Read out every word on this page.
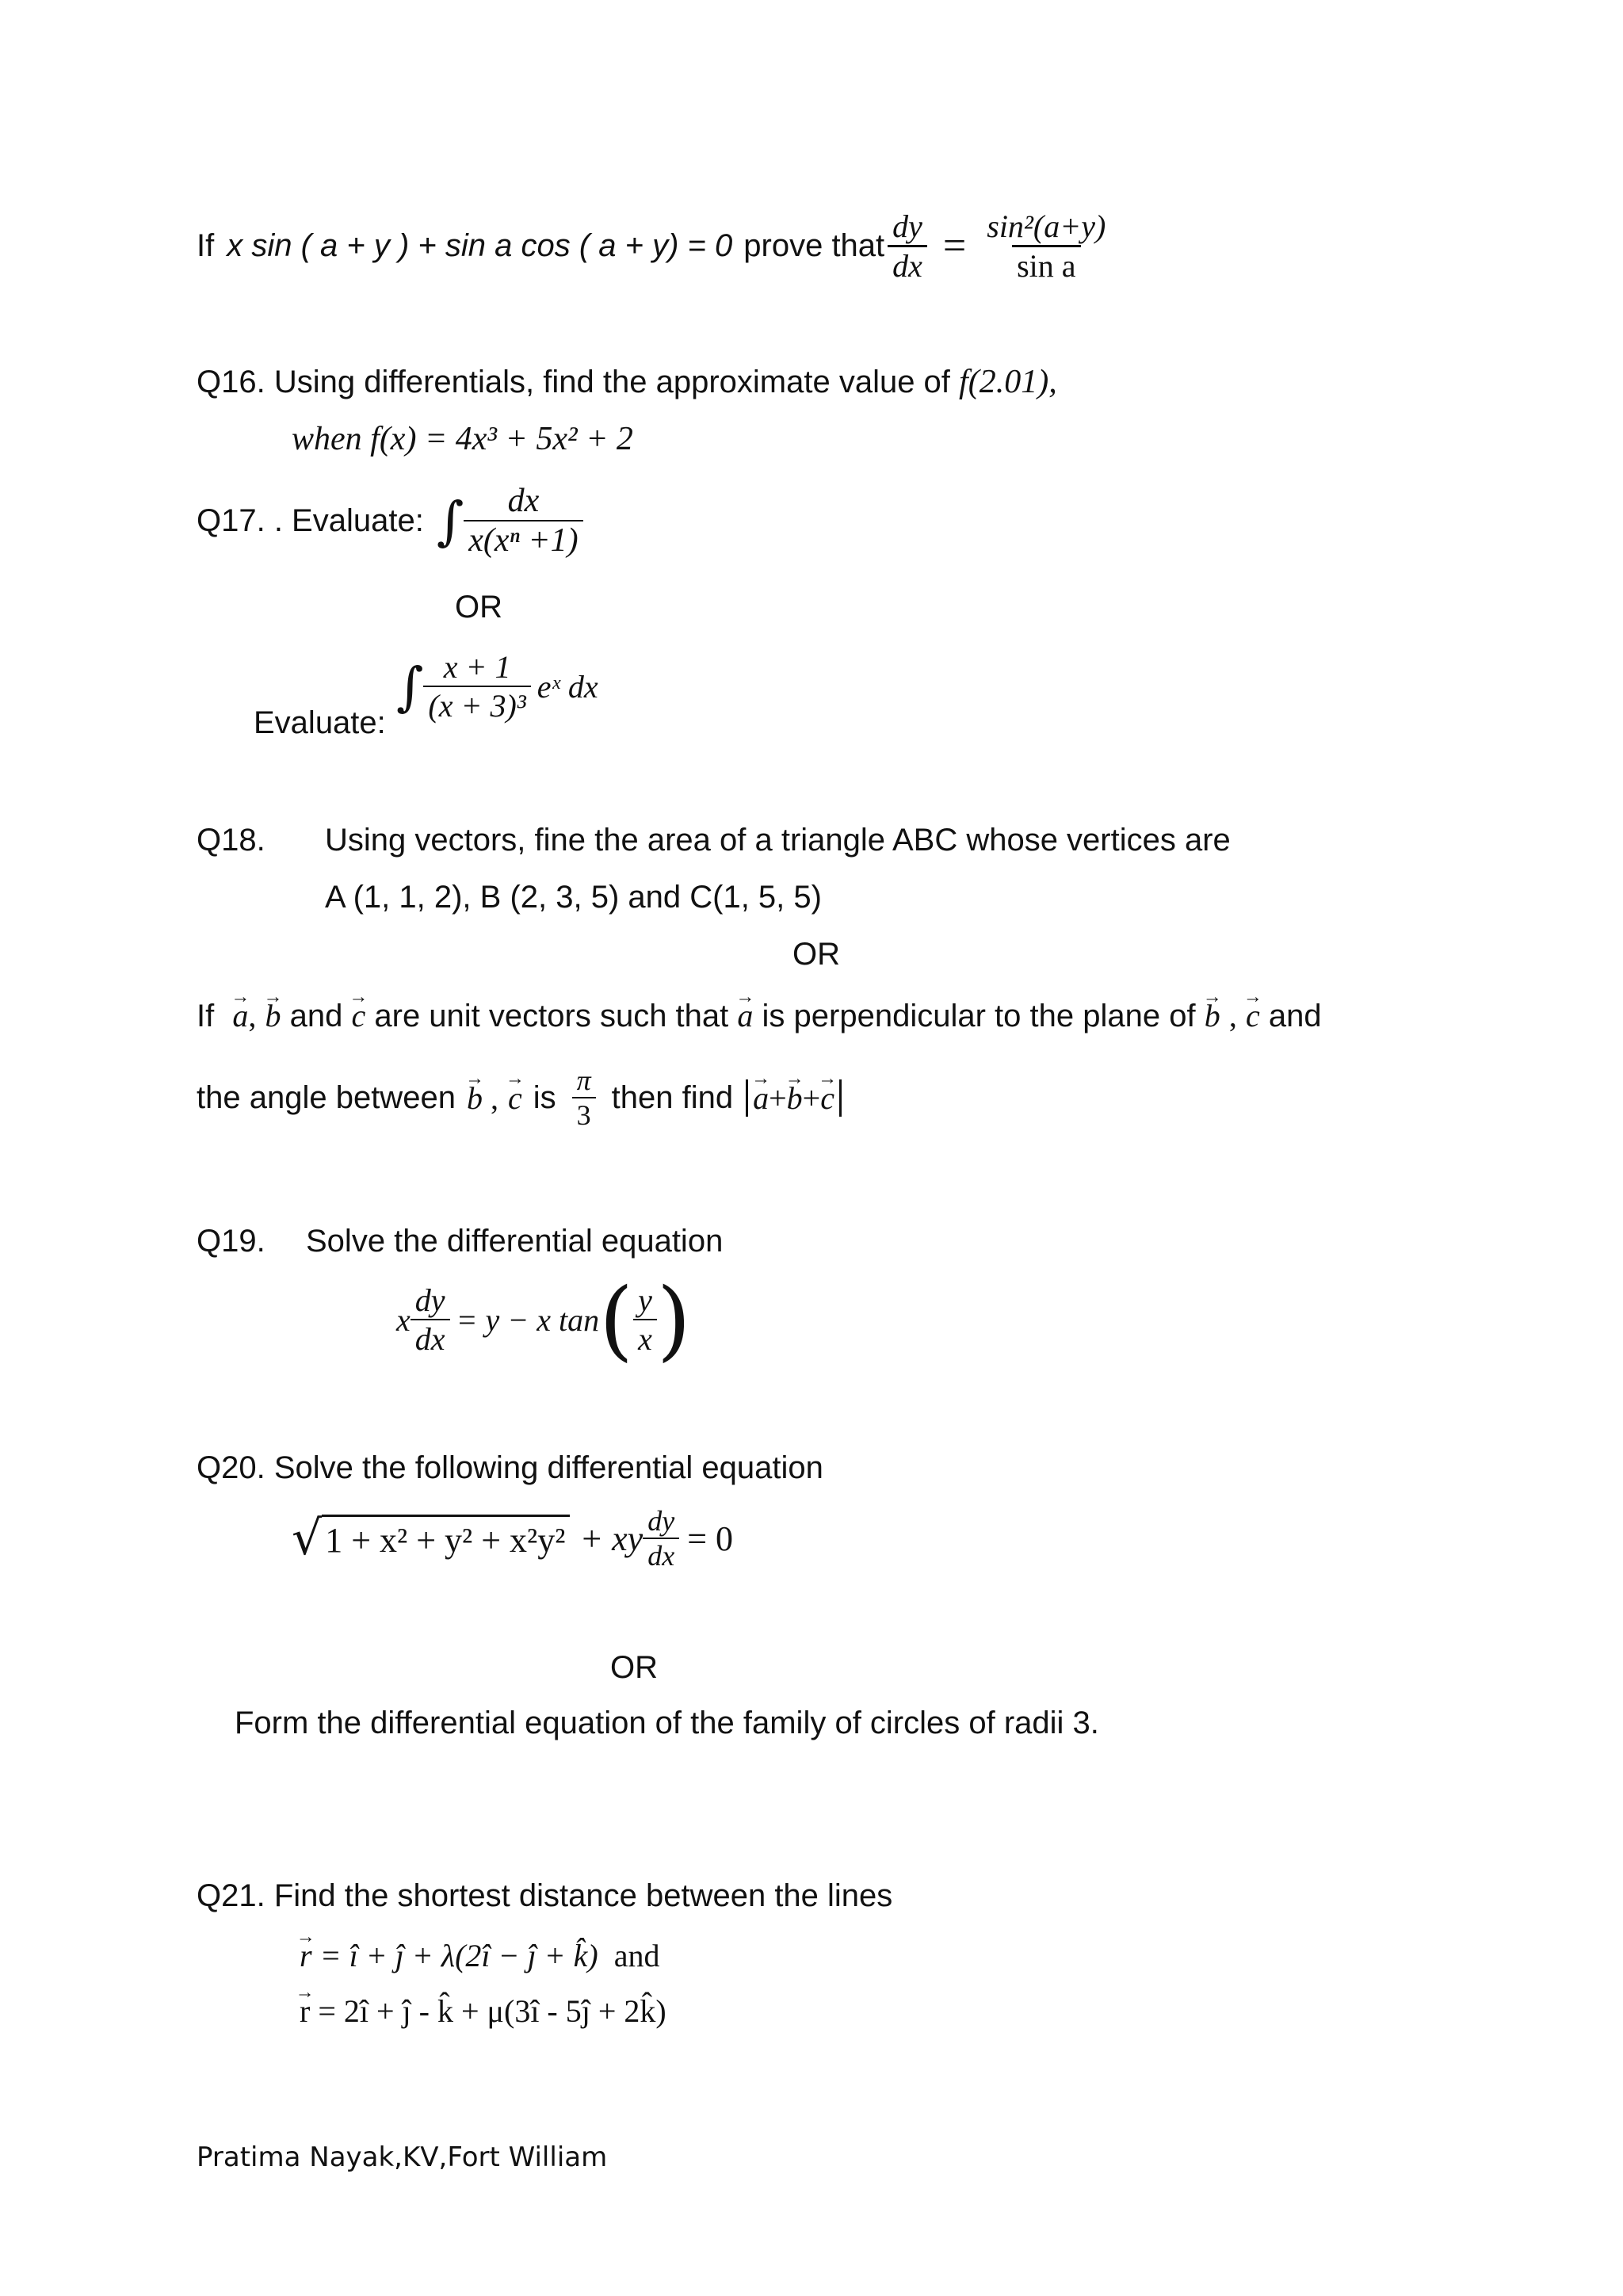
If x sin ( a + y ) + sin a cos ( a + y) = 0 prove that $\frac{dy}{dx} = \frac{\text{sin²(a+y)}}{\text{sin a}}$
Q16. Using differentials, find the approximate value of f(2.01),
when f(x) = 4x³ + 5x² + 2
Q17. . Evaluate: ∫ $\frac{dx}{\text{x(xⁿ +1)}}$
OR
∫ $\frac{x + 1}{\text{(x + 3)³}}$ eˣ dx
Evaluate:
Q18. Using vectors, fine the area of a triangle ABC whose vertices are
A (1, 1, 2), B (2, 3, 5) and C(1, 5, 5)
OR
If → a, → b and → c are unit vectors such that → a is perpendicular to the plane of → b , → c and
the angle between → b , → c is $\frac{\pi}{3}$ then find → a+→ b+→ c
Q19. Solve the differential equation
x $\frac{dy}{dx} = y - x$ tan ( $\frac{y}{x}$ )
Q20. Solve the following differential equation
√ 1 + x² + y² + x²y² + xy $\frac{dy}{dx} = 0$
OR
Form the differential equation of the family of circles of radii 3.
Q21. Find the shortest distance between the lines
→ r = î + ĵ + λ(2î − ĵ + k̂) and
→ r = 2î + ĵ - k̂ + μ(3î - 5ĵ + 2k̂)
Pratima Nayak,KV,Fort William
